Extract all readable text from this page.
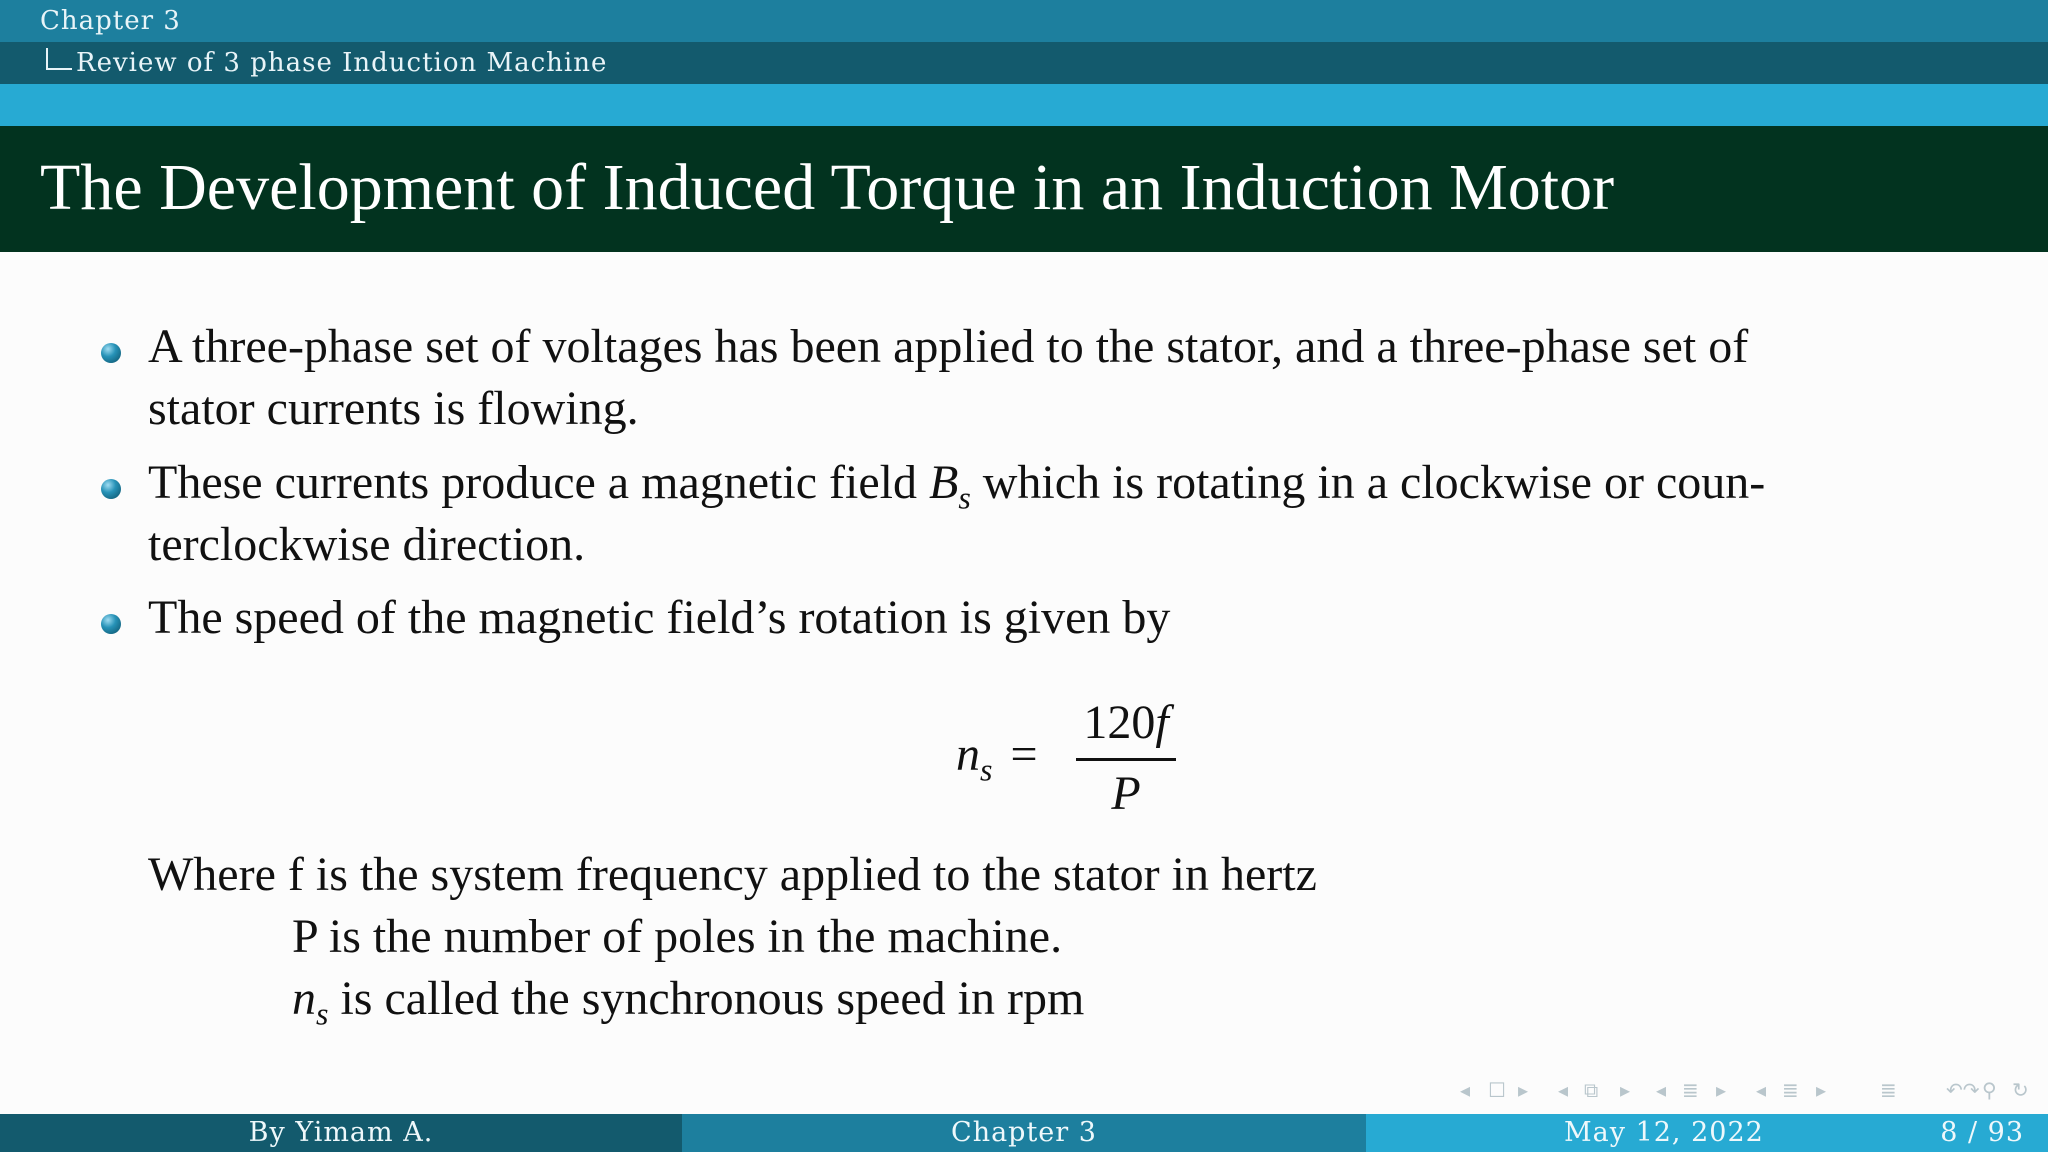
Chapter 3
Review of 3 phase Induction Machine
The Development of Induced Torque in an Induction Motor
A three-phase set of voltages has been applied to the stator, and a three-phase set of
stator currents is flowing.
These currents produce a magnetic field $B_s$ which is rotating in a clockwise or coun-
terclockwise direction.
The speed of the magnetic field’s rotation is given by
$n_s$ =
120f
P
Where f is the system frequency applied to the stator in hertz
P is the number of poles in the machine.
$n_s$ is called the synchronous speed in rpm
◂ ☐ ▸ ◂ ⧉ ▸ ◂ ≣ ▸ ◂ ≣ ▸	≣ ↶↷ ⚲ ↻
By Yimam A.	Chapter 3	May 12, 2022	8 / 93
